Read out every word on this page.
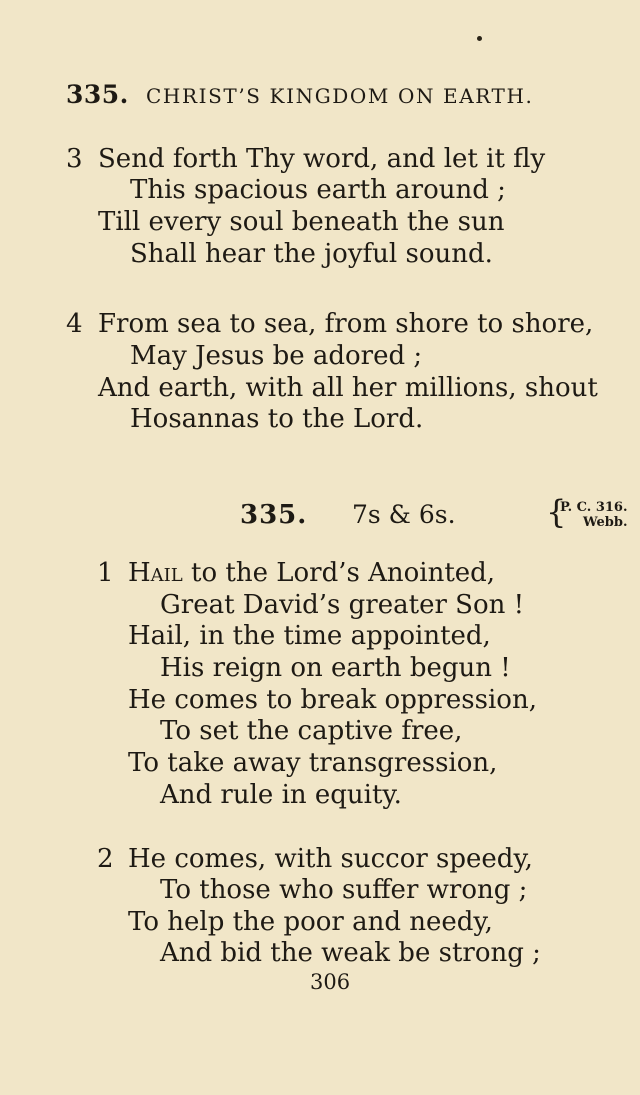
335. CHRIST’S KINGDOM ON EARTH.
3 Send forth Thy word, and let it fly
This spacious earth around ;
Till every soul beneath the sun
Shall hear the joyful sound.
4 From sea to sea, from shore to shore,
May Jesus be adored ;
And earth, with all her millions, shout
Hosannas to the Lord.
335. 7s & 6s.	{
P. C. 316.
Webb.
1 Hail to the Lord’s Anointed,
Great David’s greater Son !
Hail, in the time appointed,
His reign on earth begun !
He comes to break oppression,
To set the captive free,
To take away transgression,
And rule in equity.
2 He comes, with succor speedy,
To those who suffer wrong ;
To help the poor and needy,
And bid the weak be strong ;
306
